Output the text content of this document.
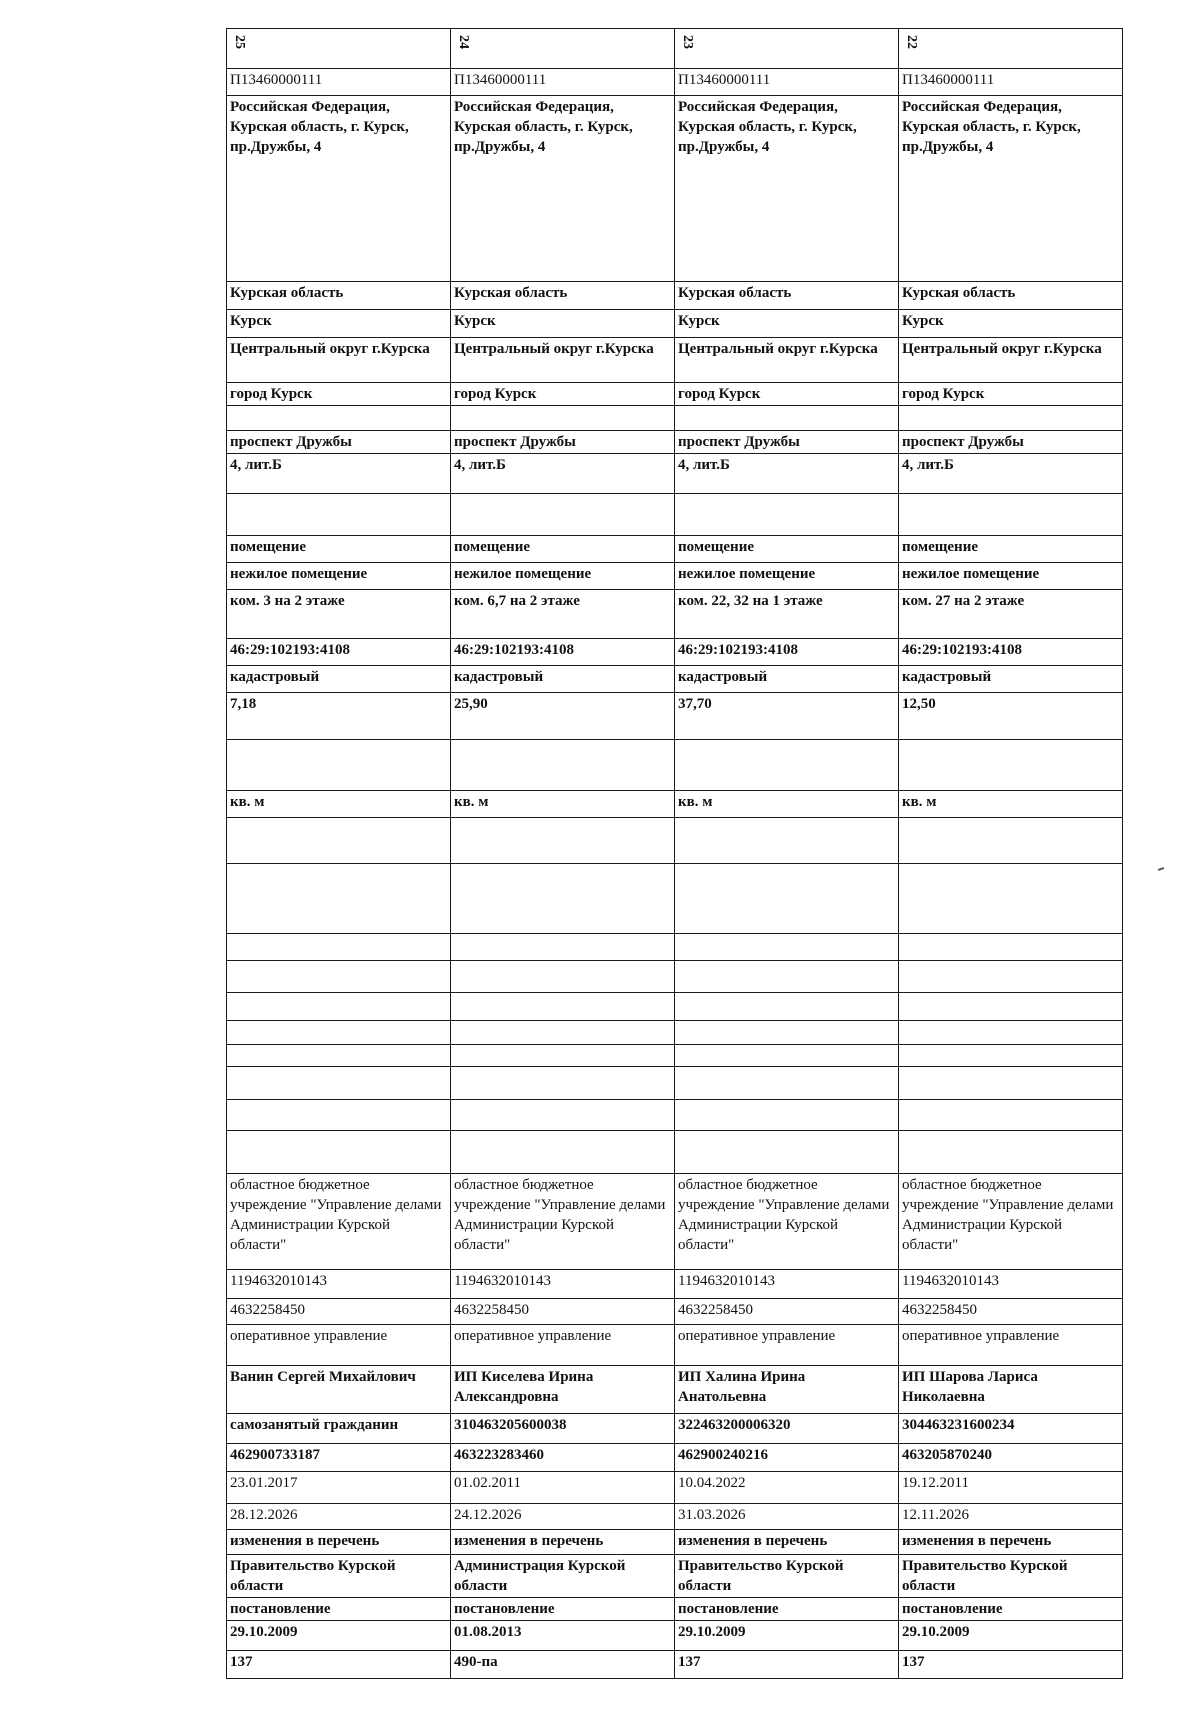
25	24	23	22
П13460000111	П13460000111	П13460000111	П13460000111
Российская Федерация, Курская область, г. Курск, пр.Дружбы, 4	Российская Федерация, Курская область, г. Курск, пр.Дружбы, 4	Российская Федерация, Курская область, г. Курск, пр.Дружбы, 4	Российская Федерация, Курская область, г. Курск, пр.Дружбы, 4
Курская область	Курская область	Курская область	Курская область
Курск	Курск	Курск	Курск
Центральный округ г.Курска	Центральный округ г.Курска	Центральный округ г.Курска	Центральный округ г.Курска
город Курск	город Курск	город Курск	город Курск

проспект Дружбы	проспект Дружбы	проспект Дружбы	проспект Дружбы
4, лит.Б	4, лит.Б	4, лит.Б	4, лит.Б

помещение	помещение	помещение	помещение
нежилое помещение	нежилое помещение	нежилое помещение	нежилое помещение
ком. 3 на 2 этаже	ком. 6,7 на 2 этаже	ком. 22, 32 на 1 этаже	ком. 27 на 2 этаже
46:29:102193:4108	46:29:102193:4108	46:29:102193:4108	46:29:102193:4108
кадастровый	кадастровый	кадастровый	кадастровый
7,18	25,90	37,70	12,50

кв. м	кв. м	кв. м	кв. м

областное бюджетное учреждение "Управление делами Администрации Курской области"	областное бюджетное учреждение "Управление делами Администрации Курской области"	областное бюджетное учреждение "Управление делами Администрации Курской области"	областное бюджетное учреждение "Управление делами Администрации Курской области"
1194632010143	1194632010143	1194632010143	1194632010143
4632258450	4632258450	4632258450	4632258450
оперативное управление	оперативное управление	оперативное управление	оперативное управление
Ванин Сергей Михайлович	ИП Киселева Ирина Александровна	ИП Халина Ирина Анатольевна	ИП Шарова Лариса Николаевна
самозанятый гражданин	310463205600038	322463200006320	304463231600234
462900733187	463223283460	462900240216	463205870240
23.01.2017	01.02.2011	10.04.2022	19.12.2011
28.12.2026	24.12.2026	31.03.2026	12.11.2026
изменения в перечень	изменения в перечень	изменения в перечень	изменения в перечень
Правительство Курской области	Администрация Курской области	Правительство Курской области	Правительство Курской области
постановление	постановление	постановление	постановление
29.10.2009	01.08.2013	29.10.2009	29.10.2009
137	490-па	137	137
